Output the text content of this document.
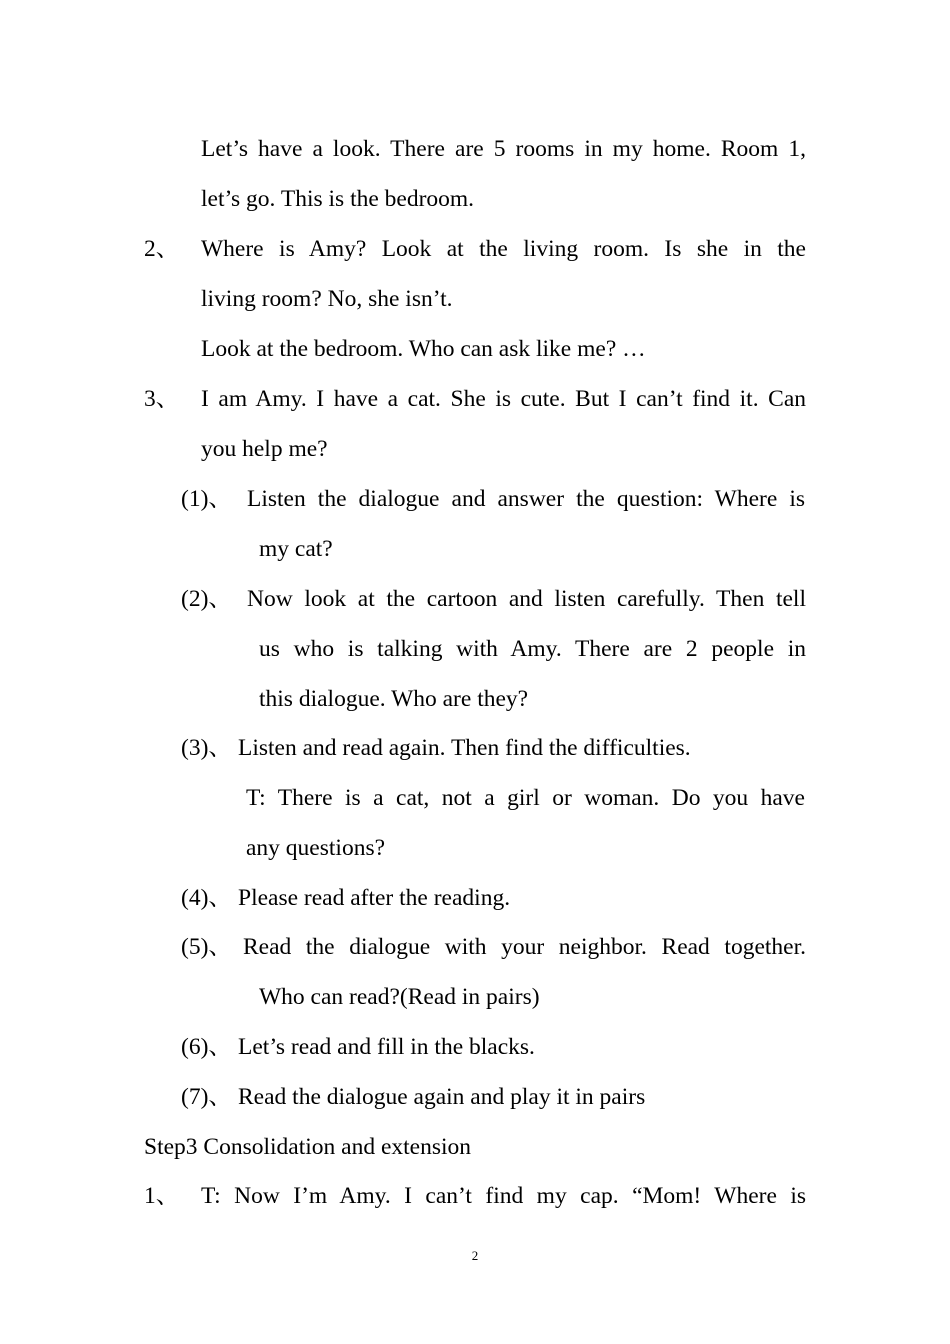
Let’s have a look. There are 5 rooms in my home. Room 1,
let’s go. This is the bedroom.
2、 Where is Amy? Look at the living room. Is she in the
living room? No, she isn’t.
Look at the bedroom. Who can ask like me? …
3、 I am Amy. I have a cat. She is cute. But I can’t find it. Can
you help me?
(1)、 Listen the dialogue and answer the question: Where is
my cat?
(2)、 Now look at the cartoon and listen carefully. Then tell
us who is talking with Amy. There are 2 people in
this dialogue. Who are they?
(3)、 Listen and read again. Then find the difficulties.
T: There is a cat, not a girl or woman. Do you have
any questions?
(4)、 Please read after the reading.
(5)、 Read the dialogue with your neighbor. Read together.
Who can read?(Read in pairs)
(6)、 Let’s read and fill in the blacks.
(7)、 Read the dialogue again and play it in pairs
Step3 Consolidation and extension
1、 T: Now I’m Amy. I can’t find my cap. “Mom! Where is
2
